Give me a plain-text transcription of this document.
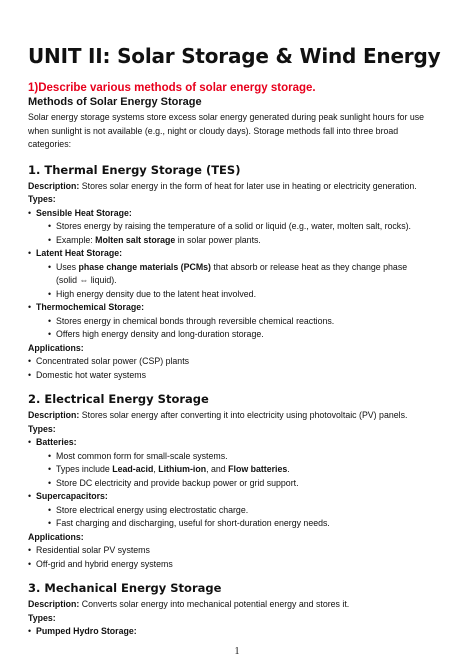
UNIT II: Solar Storage & Wind Energy

1)Describe various methods of solar energy storage.

Methods of Solar Energy Storage

Solar energy storage systems store excess solar energy generated during peak sunlight hours for use
when sunlight is not available (e.g., night or cloudy days). Storage methods fall into three broad
categories:

1. Thermal Energy Storage (TES)

Description: Stores solar energy in the form of heat for later use in heating or electricity generation.

Types:

• Sensible Heat Storage:
• Stores energy by raising the temperature of a solid or liquid (e.g., water, molten salt, rocks).
• Example: Molten salt storage in solar power plants.
• Latent Heat Storage:
• Uses phase change materials (PCMs) that absorb or release heat as they change phase
(solid ⇔ liquid).
• High energy density due to the latent heat involved.
• Thermochemical Storage:
• Stores energy in chemical bonds through reversible chemical reactions.
• Offers high energy density and long-duration storage.

Applications:

• Concentrated solar power (CSP) plants
• Domestic hot water systems

2. Electrical Energy Storage

Description: Stores solar energy after converting it into electricity using photovoltaic (PV) panels.

Types:

• Batteries:
• Most common form for small-scale systems.
• Types include Lead-acid, Lithium-ion, and Flow batteries.
• Store DC electricity and provide backup power or grid support.
• Supercapacitors:
• Store electrical energy using electrostatic charge.
• Fast charging and discharging, useful for short-duration energy needs.

Applications:

• Residential solar PV systems
• Off-grid and hybrid energy systems

3. Mechanical Energy Storage

Description: Converts solar energy into mechanical potential energy and stores it.

Types:

• Pumped Hydro Storage:
1
